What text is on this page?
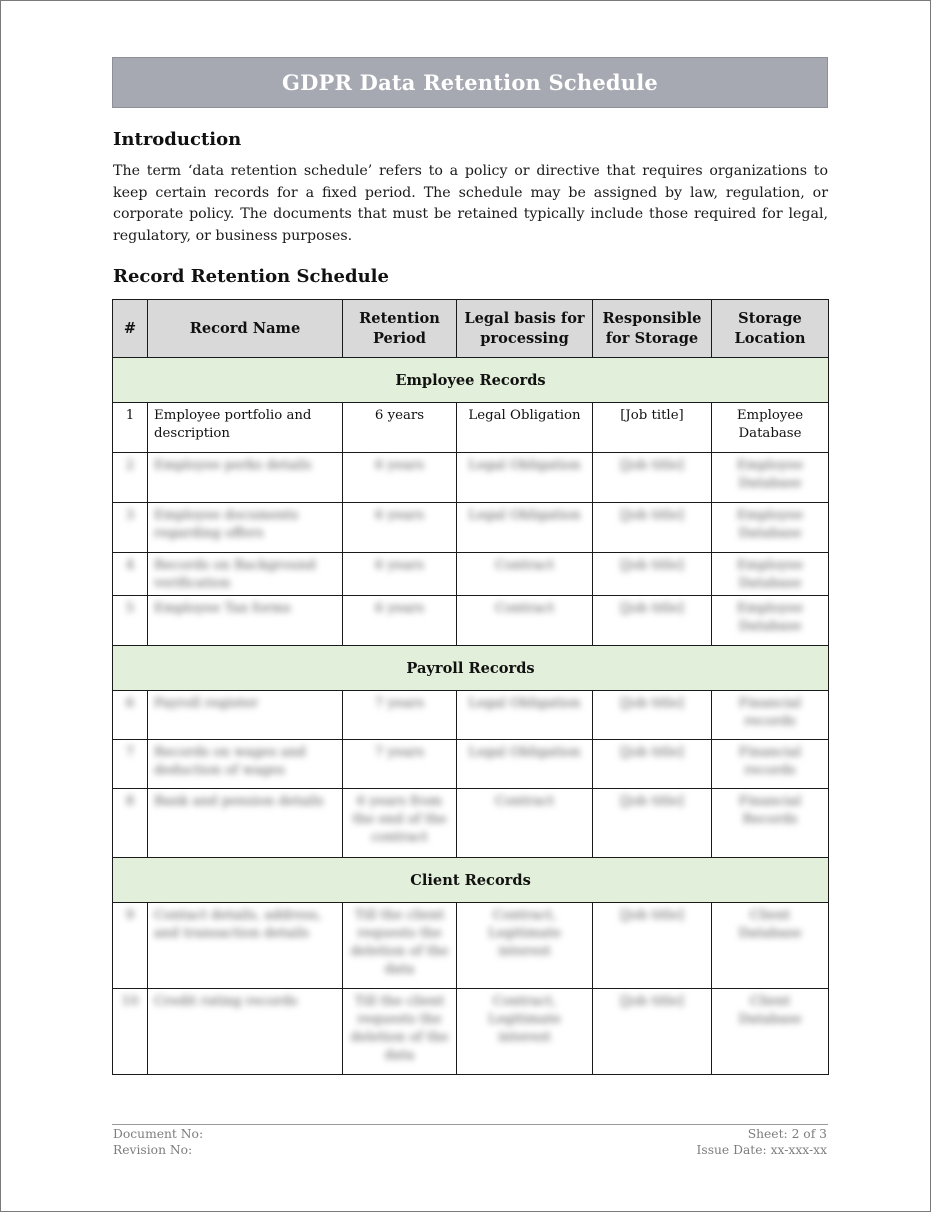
GDPR Data Retention Schedule
Introduction
The term ‘data retention schedule’ refers to a policy or directive that requires organizations to keep certain records for a fixed period. The schedule may be assigned by law, regulation, or corporate policy. The documents that must be retained typically include those required for legal, regulatory, or business purposes.
Record Retention Schedule
#	Record Name	Retention Period	Legal basis for processing	Responsible for Storage	Storage Location
Employee Records					

1	Employee portfolio and description	6 years	Legal Obligation	[Job title]	Employee Database

2	Employee perks details	6 years	Legal Obligation	[Job title]	Employee Database

3	Employee documents regarding offers	6 years	Legal Obligation	[Job title]	Employee Database

4	Records on Background verification	6 years	Contract	[Job title]	Employee Database

5	Employee Tax forms	6 years	Contract	[Job title]	Employee Database

Payroll Records					

6	Payroll register	7 years	Legal Obligation	[Job title]	Financial records

7	Records on wages and deduction of wages	7 years	Legal Obligation	[Job title]	Financial records

8	Bank and pension details	6 years from the end of the contract	Contract	[Job title]	Financial Records

Client Records					

9	Contact details, address, and transaction details	Till the client requests the deletion of the data	Contract, Legitimate interest	[Job title]	Client Database

10	Credit rating records	Till the client requests the deletion of the data	Contract, Legitimate interest	[Job title]	Client Database
Document No:
Revision No:
Sheet: 2 of 3
Issue Date: xx-xxx-xx
